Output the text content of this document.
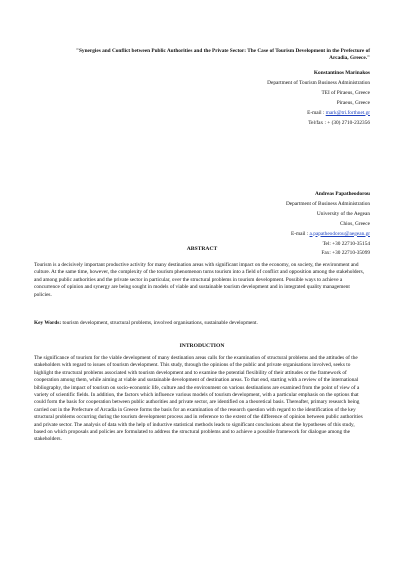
"Synergies and Conflict between Public Authorities and the Private Sector: The Case of Tourism Development in the Prefecture of Arcadia, Greece."
Konstantinos Marinakos
Department of Tourism Business Administration
TEI of Piraeus, Greece
Piraeus, Greece
E-mail : mark@tri.forthnet.gr
Tel/fax : + (30) 2710-232356
Andreas Papatheodorou
Department of Business Administration
University of the Aegean
Chios, Greece
E-mail : a.papatheodorou@aegean.gr
Tel: +30 22710-35154
Fax: +30 22710-35099
ABSTRACT

Tourism is a decisively important productive activity for many destination areas with significant impact on the economy, on society, the environment and culture. At the same time, however, the complexity of the tourism phenomenon turns tourism into a field of conflict and opposition among the stakeholders, and among public authorities and the private sector in particular, over the structural problems in tourism development. Possible ways to achieve a concurrence of opinion and synergy are being sought in models of viable and sustainable tourism development and in integrated quality management policies.

Key Words: tourism development, structural problems, involved organisations, sustainable development.

INTRODUCTION

The significance of tourism for the viable development of many destination areas calls for the examination of structural problems and the attitudes of the stakeholders with regard to issues of tourism development. This study, through the opinions of the public and private organisations involved, seeks to highlight the structural problems associated with tourism development and to examine the potential flexibility of their attitudes or the framework of cooperation among them, while aiming at viable and sustainable development of destination areas. To that end, starting with a review of the international bibliography, the impact of tourism on socio-economic life, culture and the environment on various destinations are examined from the point of view of a variety of scientific fields. In addition, the factors which influence various models of tourism development, with a particular emphasis on the options that could form the basis for cooperation between public authorities and private sector, are identified on a theoretical basis. Thereafter, primary research being carried out in the Prefecture of Arcadia in Greece forms the basis for an examination of the research question with regard to the identification of the key structural problems occurring during the tourism development process and in reference to the extent of the difference of opinion between public authorities and private sector. The analysis of data with the help of inductive statistical methods leads to significant conclusions about the hypotheses of this study, based on which proposals and policies are formulated to address the structural problems and to achieve a possible framework for dialogue among the stakeholders.
